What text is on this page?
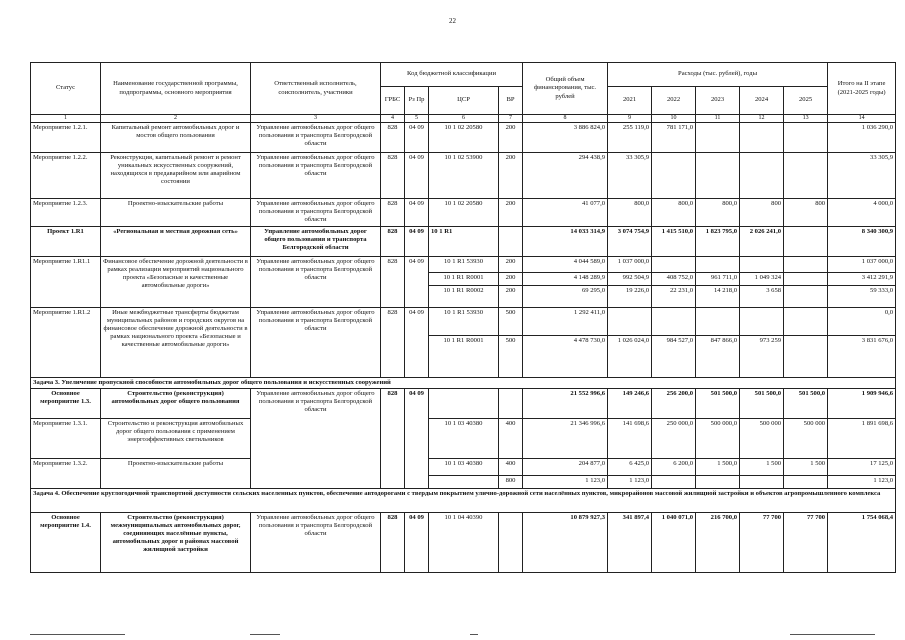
22
Статус	Наименование государственной программы, подпрограммы, основного мероприятия	Ответственный исполнитель, соисполнитель, участники	Код бюджетной классификации				Общий объем финансирования, тыс. рублей	Расходы (тыс. рублей), годы					Итого на II этапе (2021-2025 годы)
			ГРБС	Рз Пр	ЦСР	ВР		2021	2022	2023	2024	2025	
1	2	3	4	5	6	7	8	9	10	11	12	13	14
Мероприятие 1.2.1.	Капитальный ремонт автомобильных дорог и мостов общего пользования	Управление автомобильных дорог общего пользования и транспорта Белгородской области	828	04 09	10 1 02 20580	200	3 886 824,0	255 119,0	781 171,0				1 036 290,0
Мероприятие 1.2.2.	Реконструкция, капитальный ремонт и ремонт уникальных искусственных сооружений, находящихся в предаварийном или аварийном состоянии	Управление автомобильных дорог общего пользования и транспорта Белгородской области	828	04 09	10 1 02 53900	200	294 438,9	33 305,9					33 305,9
Мероприятие 1.2.3.	Проектно-изыскательские работы	Управление автомобильных дорог общего пользования и транспорта Белгородской области	828	04 09	10 1 02 20580	200	41 077,0	800,0	800,0	800,0	800	800	4 000,0
Проект 1.R1	«Региональная и местная дорожная сеть»	Управление автомобильных дорог общего пользования и транспорта Белгородской области	828	04 09	10 1 R1		14 033 314,9	3 074 754,9	1 415 510,0	1 823 795,0	2 026 241,0		8 340 300,9
Мероприятие 1.R1.1	Финансовое обеспечение дорожной деятельности в рамках реализации мероприятий национального проекта «Безопасные и качественные автомобильные дороги»	Управление автомобильных дорог общего пользования и транспорта Белгородской области	828	04 09	10 1 R1 53930	200	4 044 589,0	1 037 000,0					1 037 000,0
					10 1 R1 R0001	200	4 148 289,9	992 504,9	408 752,0	961 711,0	1 049 324		3 412 291,9
					10 1 R1 R0002	200	69 295,0	19 226,0	22 231,0	14 218,0	3 658		59 333,0
Мероприятие 1.R1.2	Иные межбюджетные трансферты бюджетам муниципальных районов и городских округов на финансовое обеспечение дорожной деятельности в рамках национального проекта «Безопасные и качественные автомобильные дороги»	Управление автомобильных дорог общего пользования и транспорта Белгородской области	828	04 09	10 1 R1 53930	500	1 292 411,0						0,0
					10 1 R1 R0001	500	4 478 730,0	1 026 024,0	984 527,0	847 866,0	973 259		3 831 676,0
Задача 3. Увеличение пропускной способности автомобильных дорог общего пользования и искусственных сооружений													
Основное мероприятие 1.3.	Строительство (реконструкция) автомобильных дорог общего пользования	Управление автомобильных дорог общего пользования и транспорта Белгородской области	828	04 09			21 552 996,6	149 246,6	256 200,0	501 500,0	501 500,0	501 500,0	1 909 946,6
Мероприятие 1.3.1.	Строительство и реконструкция автомобильных дорог общего пользования с применением энергоэффективных светильников				10 1 03 40380	400	21 346 996,6	141 698,6	250 000,0	500 000,0	500 000	500 000	1 891 698,6
Мероприятие 1.3.2.	Проектно-изыскательские работы				10 1 03 40380	400	204 877,0	6 425,0	6 200,0	1 500,0	1 500	1 500	17 125,0
						800	1 123,0	1 123,0					1 123,0
Задача 4. Обеспечение круглогодичной транспортной доступности сельских населенных пунктов, обеспечение автодорогами с твердым покрытием улично-дорожной сети населённых пунктов, микрорайонов массовой жилищной застройки и объектов агропромышленного комплекса													
Основное мероприятие 1.4.	Строительство (реконструкция) межмуниципальных автомобильных дорог, соединяющих населённые пункты, автомобильных дорог в районах массовой жилищной застройки	Управление автомобильных дорог общего пользования и транспорта Белгородской области	828	04 09	10 1 04 40390		10 879 927,3	341 897,4	1 040 071,0	216 700,0	77 700	77 700	1 754 068,4
